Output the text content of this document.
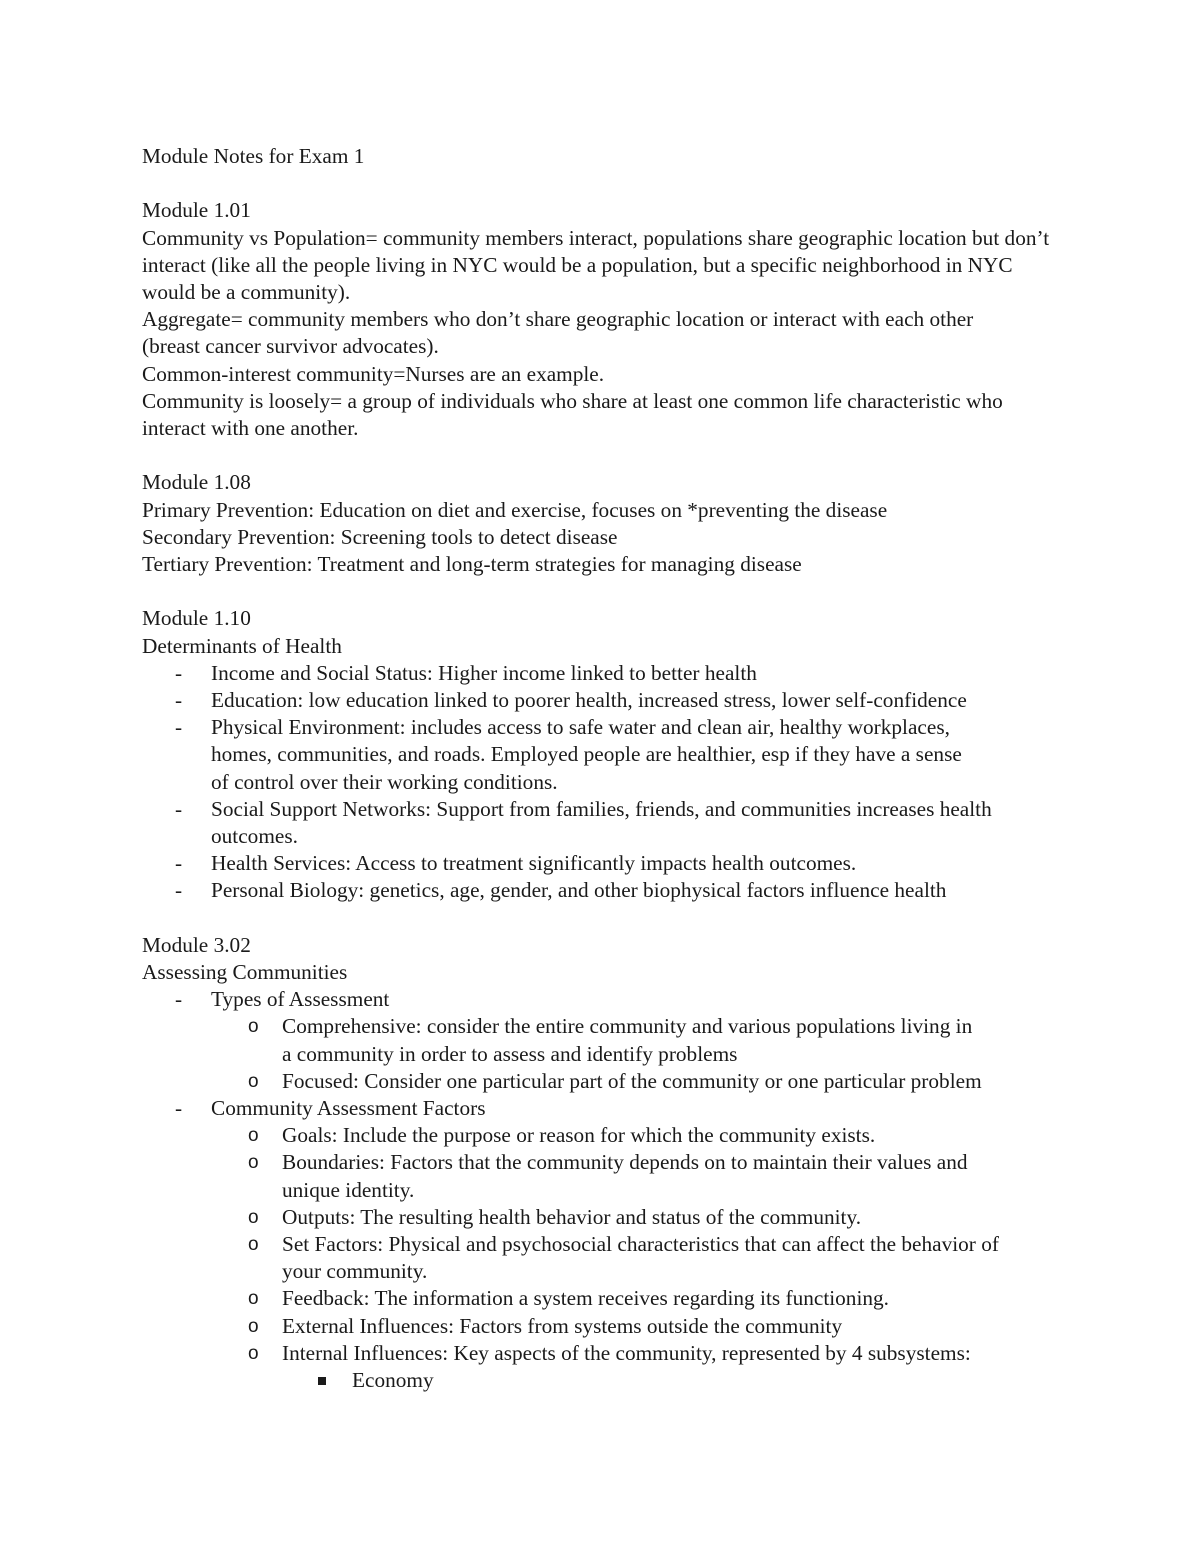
Module Notes for Exam 1

Module 1.01

Community vs Population= community members interact, populations share geographic location but don’t interact (like all the people living in NYC would be a population, but a specific neighborhood in NYC would be a community).

Aggregate= community members who don’t share geographic location or interact with each other (breast cancer survivor advocates).

Common-interest community=Nurses are an example.

Community is loosely= a group of individuals who share at least one common life characteristic who interact with one another.

Module 1.08

Primary Prevention: Education on diet and exercise, focuses on *preventing the disease

Secondary Prevention: Screening tools to detect disease

Tertiary Prevention: Treatment and long-term strategies for managing disease

Module 1.10

Determinants of Health

- Income and Social Status: Higher income linked to better health
- Education: low education linked to poorer health, increased stress, lower self-confidence
- Physical Environment: includes access to safe water and clean air, healthy workplaces, homes, communities, and roads. Employed people are healthier, esp if they have a sense of control over their working conditions.
- Social Support Networks: Support from families, friends, and communities increases health outcomes.
- Health Services: Access to treatment significantly impacts health outcomes.
- Personal Biology: genetics, age, gender, and other biophysical factors influence health

Module 3.02

Assessing Communities

- Types of Assessment
o Comprehensive: consider the entire community and various populations living in a community in order to assess and identify problems
o Focused: Consider one particular part of the community or one particular problem
- Community Assessment Factors
o Goals: Include the purpose or reason for which the community exists.
o Boundaries: Factors that the community depends on to maintain their values and unique identity.
o Outputs: The resulting health behavior and status of the community.
o Set Factors: Physical and psychosocial characteristics that can affect the behavior of your community.
o Feedback: The information a system receives regarding its functioning.
o External Influences: Factors from systems outside the community
o Internal Influences: Key aspects of the community, represented by 4 subsystems:
Economy
